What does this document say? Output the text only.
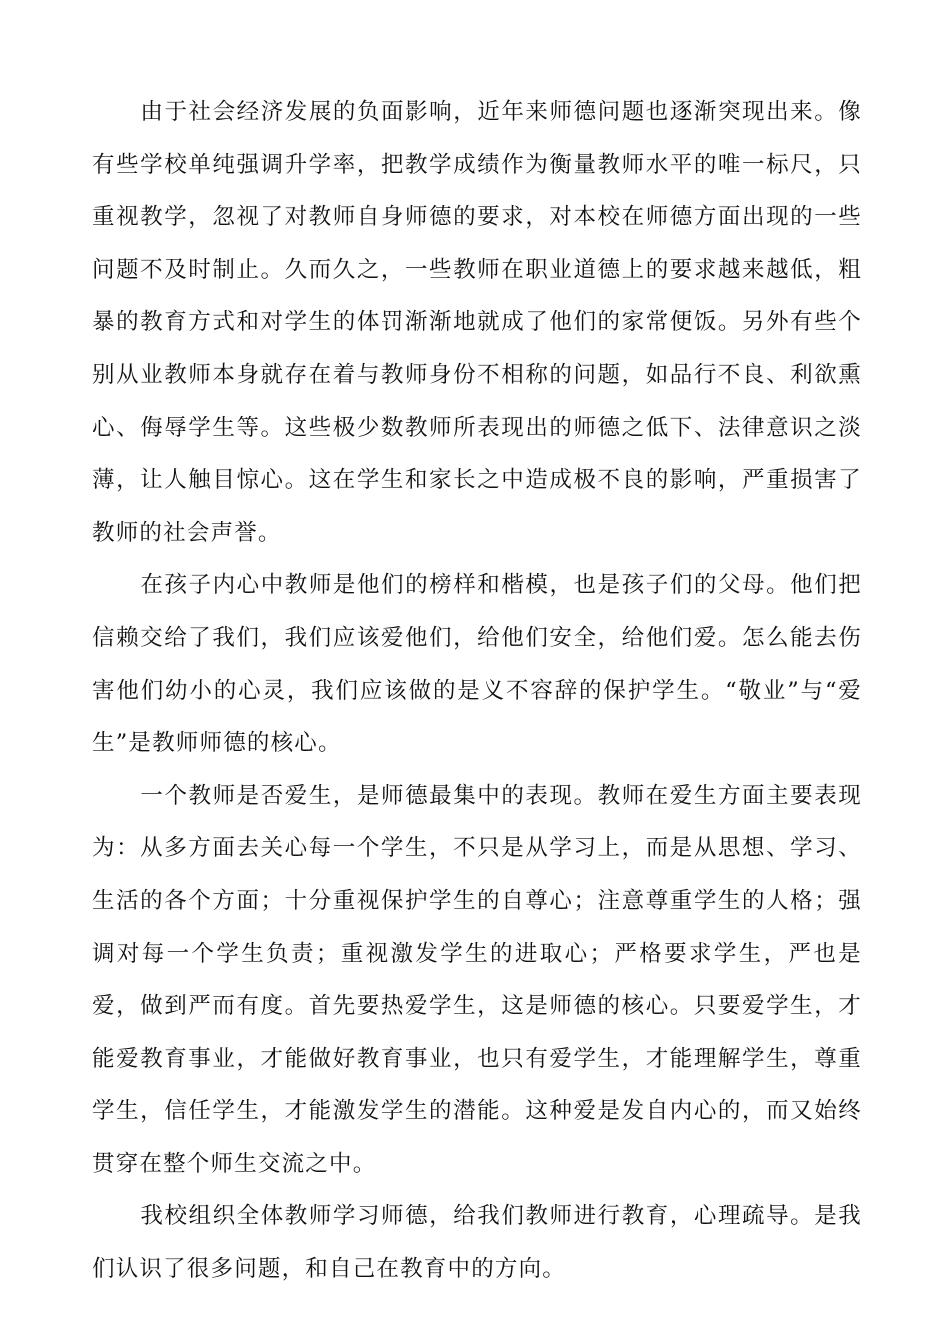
由于社会经济发展的负面影响，近年来师德问题也逐渐突现出来。像有些学校单纯强调升学率，把教学成绩作为衡量教师水平的唯一标尺，只重视教学，忽视了对教师自身师德的要求，对本校在师德方面出现的一些问题不及时制止。久而久之，一些教师在职业道德上的要求越来越低，粗暴的教育方式和对学生的体罚渐渐地就成了他们的家常便饭。另外有些个别从业教师本身就存在着与教师身份不相称的问题，如品行不良、利欲熏心、侮辱学生等。这些极少数教师所表现出的师德之低下、法律意识之淡薄，让人触目惊心。这在学生和家长之中造成极不良的影响，严重损害了教师的社会声誉。

在孩子内心中教师是他们的榜样和楷模，也是孩子们的父母。他们把信赖交给了我们，我们应该爱他们，给他们安全，给他们爱。怎么能去伤害他们幼小的心灵，我们应该做的是义不容辞的保护学生。“敬业”与“爱生”是教师师德的核心。

一个教师是否爱生，是师德最集中的表现。教师在爱生方面主要表现为：从多方面去关心每一个学生，不只是从学习上，而是从思想、学习、生活的各个方面；十分重视保护学生的自尊心；注意尊重学生的人格；强调对每一个学生负责；重视激发学生的进取心；严格要求学生，严也是爱，做到严而有度。首先要热爱学生，这是师德的核心。只要爱学生，才能爱教育事业，才能做好教育事业，也只有爱学生，才能理解学生，尊重学生，信任学生，才能激发学生的潜能。这种爱是发自内心的，而又始终贯穿在整个师生交流之中。

我校组织全体教师学习师德，给我们教师进行教育，心理疏导。是我们认识了很多问题，和自己在教育中的方向。
